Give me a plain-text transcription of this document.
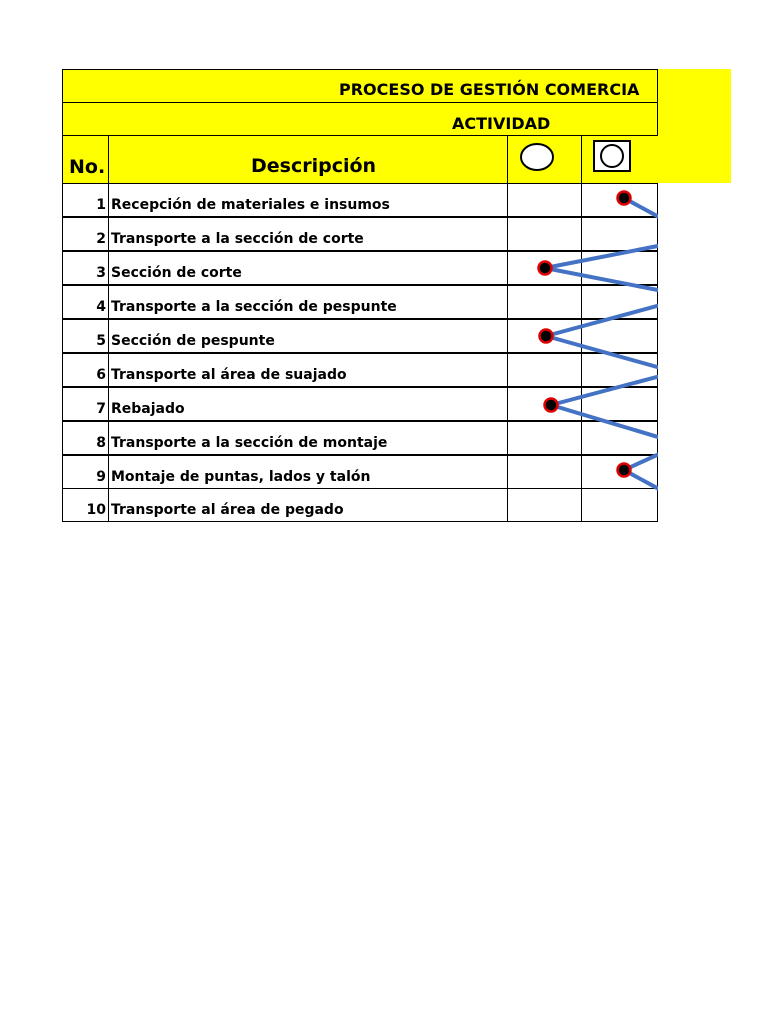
PROCESO DE GESTIÓN COMERCIA
ACTIVIDAD
No.	Descripción
1 Recepción de materiales e insumos
2 Transporte a la sección de corte
3 Sección de corte
4 Transporte a la sección de pespunte
5 Sección de pespunte
6 Transporte al área de suajado
7 Rebajado
8 Transporte a la sección de montaje
9 Montaje de puntas, lados y talón
10 Transporte al área de pegado
